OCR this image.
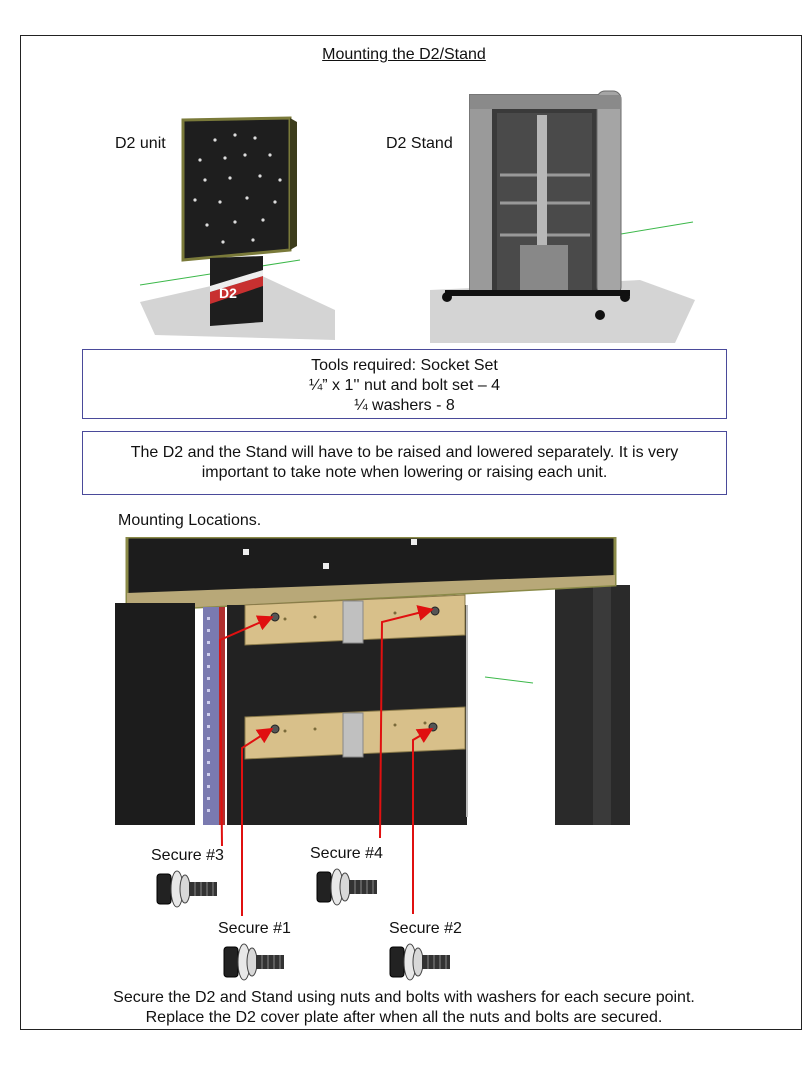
Mounting the D2/Stand
D2 unit
D2
D2 Stand
Tools required: Socket Set
¼” x 1'' nut and bolt set – 4
¼ washers - 8
The D2 and the Stand will have to be raised and lowered separately. It is very
important to take note when lowering or raising each unit.
Mounting Locations.
Secure #3	Secure #4
Secure #1	Secure #2
Secure the D2 and Stand using nuts and bolts with washers for each secure point.
Replace the D2 cover plate after when all the nuts and bolts are secured.
